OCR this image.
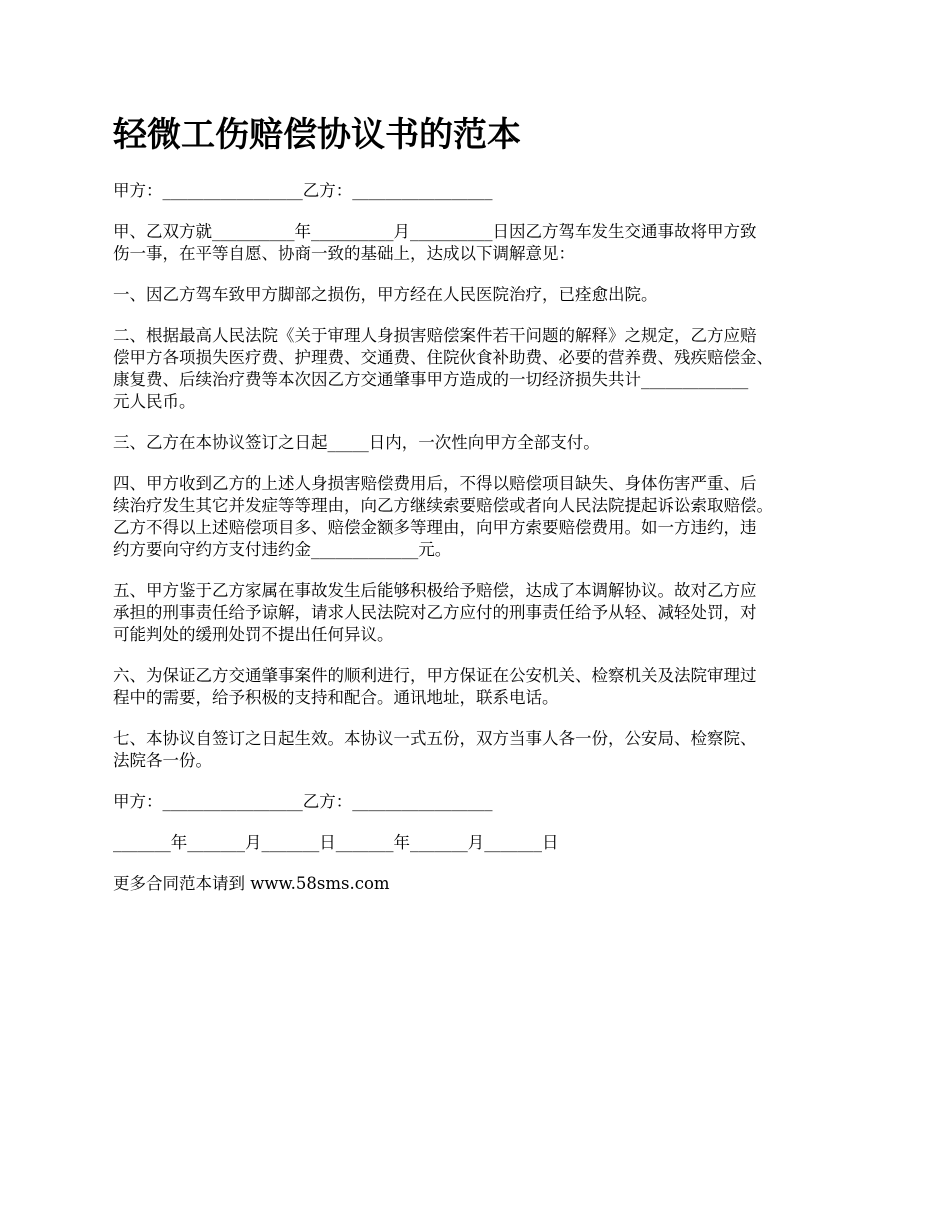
轻微工伤赔偿协议书的范本

甲方：_________________乙方：_________________

甲、乙双方就__________年__________月__________日因乙方驾车发生交通事故将甲方致
伤一事，在平等自愿、协商一致的基础上，达成以下调解意见：

一、因乙方驾车致甲方脚部之损伤，甲方经在人民医院治疗，已痊愈出院。

二、根据最高人民法院《关于审理人身损害赔偿案件若干问题的解释》之规定，乙方应赔
偿甲方各项损失医疗费、护理费、交通费、住院伙食补助费、必要的营养费、残疾赔偿金、
康复费、后续治疗费等本次因乙方交通肇事甲方造成的一切经济损失共计_____________
元人民币。

三、乙方在本协议签订之日起_____日内，一次性向甲方全部支付。

四、甲方收到乙方的上述人身损害赔偿费用后，不得以赔偿项目缺失、身体伤害严重、后
续治疗发生其它并发症等等理由，向乙方继续索要赔偿或者向人民法院提起诉讼索取赔偿。
乙方不得以上述赔偿项目多、赔偿金额多等理由，向甲方索要赔偿费用。如一方违约，违
约方要向守约方支付违约金_____________元。

五、甲方鉴于乙方家属在事故发生后能够积极给予赔偿，达成了本调解协议。故对乙方应
承担的刑事责任给予谅解，请求人民法院对乙方应付的刑事责任给予从轻、减轻处罚，对
可能判处的缓刑处罚不提出任何异议。

六、为保证乙方交通肇事案件的顺利进行，甲方保证在公安机关、检察机关及法院审理过
程中的需要，给予积极的支持和配合。通讯地址，联系电话。

七、本协议自签订之日起生效。本协议一式五份，双方当事人各一份，公安局、检察院、
法院各一份。

甲方：_________________乙方：_________________

_______年_______月_______日_______年_______月_______日

更多合同范本请到 www.58sms.com
